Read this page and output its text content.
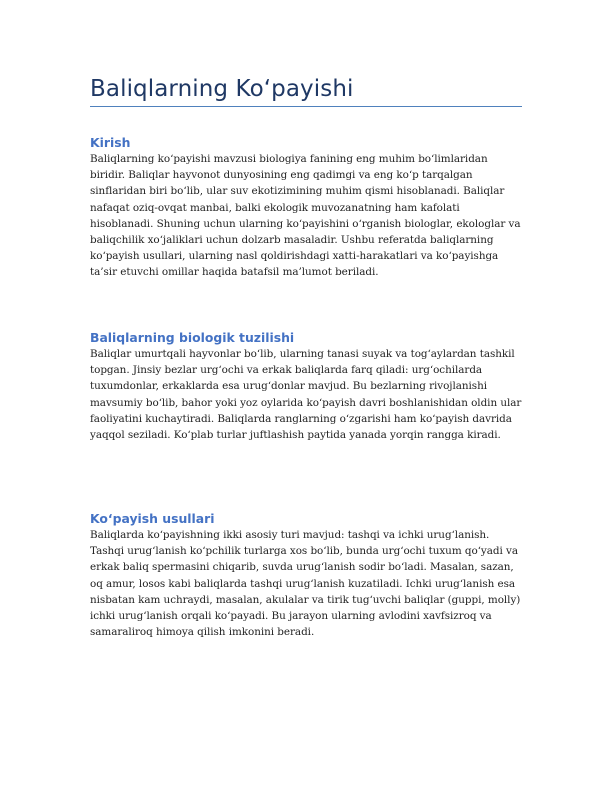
Baliqlarning Ko‘payishi
Kirish

Baliqlarning ko‘payishi mavzusi biologiya fanining eng muhim bo‘limlaridan biridir. Baliqlar hayvonot dunyosining eng qadimgi va eng ko‘p tarqalgan sinflaridan biri bo‘lib, ular suv ekotizimining muhim qismi hisoblanadi. Baliqlar nafaqat oziq-ovqat manbai, balki ekologik muvozanatning ham kafolati hisoblanadi. Shuning uchun ularning ko‘payishini o‘rganish biologlar, ekologlar va baliqchilik xo‘jaliklari uchun dolzarb masaladir. Ushbu referatda baliqlarning ko‘payish usullari, ularning nasl qoldirishdagi xatti-harakatlari va ko‘payishga ta’sir etuvchi omillar haqida batafsil ma’lumot beriladi.

Baliqlarning biologik tuzilishi

Baliqlar umurtqali hayvonlar bo‘lib, ularning tanasi suyak va tog‘aylardan tashkil topgan. Jinsiy bezlar urg‘ochi va erkak baliqlarda farq qiladi: urg‘ochilarda tuxumdonlar, erkaklarda esa urug‘donlar mavjud. Bu bezlarning rivojlanishi mavsumiy bo‘lib, bahor yoki yoz oylarida ko‘payish davri boshlanishidan oldin ular faoliyatini kuchaytiradi. Baliqlarda ranglarning o‘zgarishi ham ko‘payish davrida yaqqol seziladi. Ko‘plab turlar juftlashish paytida yanada yorqin rangga kiradi.

Ko‘payish usullari

Baliqlarda ko‘payishning ikki asosiy turi mavjud: tashqi va ichki urug‘lanish. Tashqi urug‘lanish ko‘pchilik turlarga xos bo‘lib, bunda urg‘ochi tuxum qo‘yadi va erkak baliq spermasini chiqarib, suvda urug‘lanish sodir bo‘ladi. Masalan, sazan, oq amur, losos kabi baliqlarda tashqi urug‘lanish kuzatiladi. Ichki urug‘lanish esa nisbatan kam uchraydi, masalan, akulalar va tirik tug‘uvchi baliqlar (guppi, molly) ichki urug‘lanish orqali ko‘payadi. Bu jarayon ularning avlodini xavfsizroq va samaraliroq himoya qilish imkonini beradi.
